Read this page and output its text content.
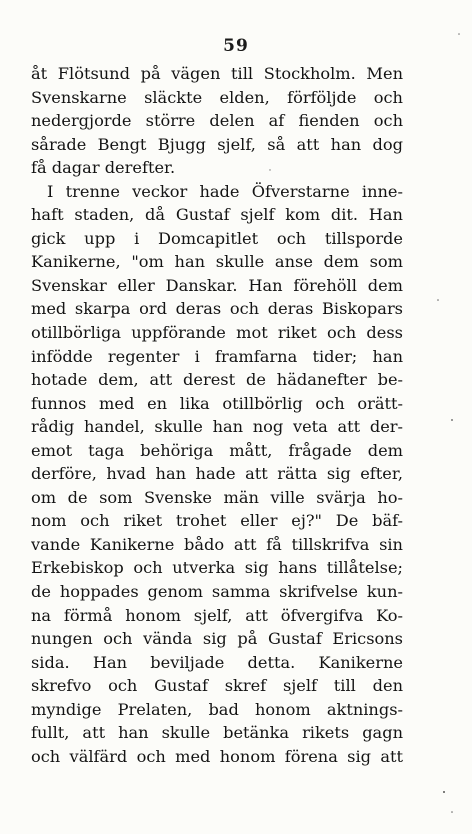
59
åt Flötsund på vägen till Stockholm. Men
Svenskarne släckte elden, förföljde och
nedergjorde större delen af fienden och
sårade Bengt Bjugg sjelf, så att han dog
få dagar derefter.
I trenne veckor hade Öfverstarne inne-
haft staden, då Gustaf sjelf kom dit. Han
gick upp i Domcapitlet och tillsporde
Kanikerne, "om han skulle anse dem som
Svenskar eller Danskar. Han förehöll dem
med skarpa ord deras och deras Biskopars
otillbörliga uppförande mot riket och dess
infödde regenter i framfarna tider; han
hotade dem, att derest de hädanefter be-
funnos med en lika otillbörlig och orätt-
rådig handel, skulle han nog veta att der-
emot taga behöriga mått, frågade dem
derföre, hvad han hade att rätta sig efter,
om de som Svenske män ville svärja ho-
nom och riket trohet eller ej?" De bäf-
vande Kanikerne bådo att få tillskrifva sin
Erkebiskop och utverka sig hans tillåtelse;
de hoppades genom samma skrifvelse kun-
na förmå honom sjelf, att öfvergifva Ko-
nungen och vända sig på Gustaf Ericsons
sida. Han beviljade detta. Kanikerne
skrefvo och Gustaf skref sjelf till den
myndige Prelaten, bad honom aktnings-
fullt, att han skulle betänka rikets gagn
och välfärd och med honom förena sig att
